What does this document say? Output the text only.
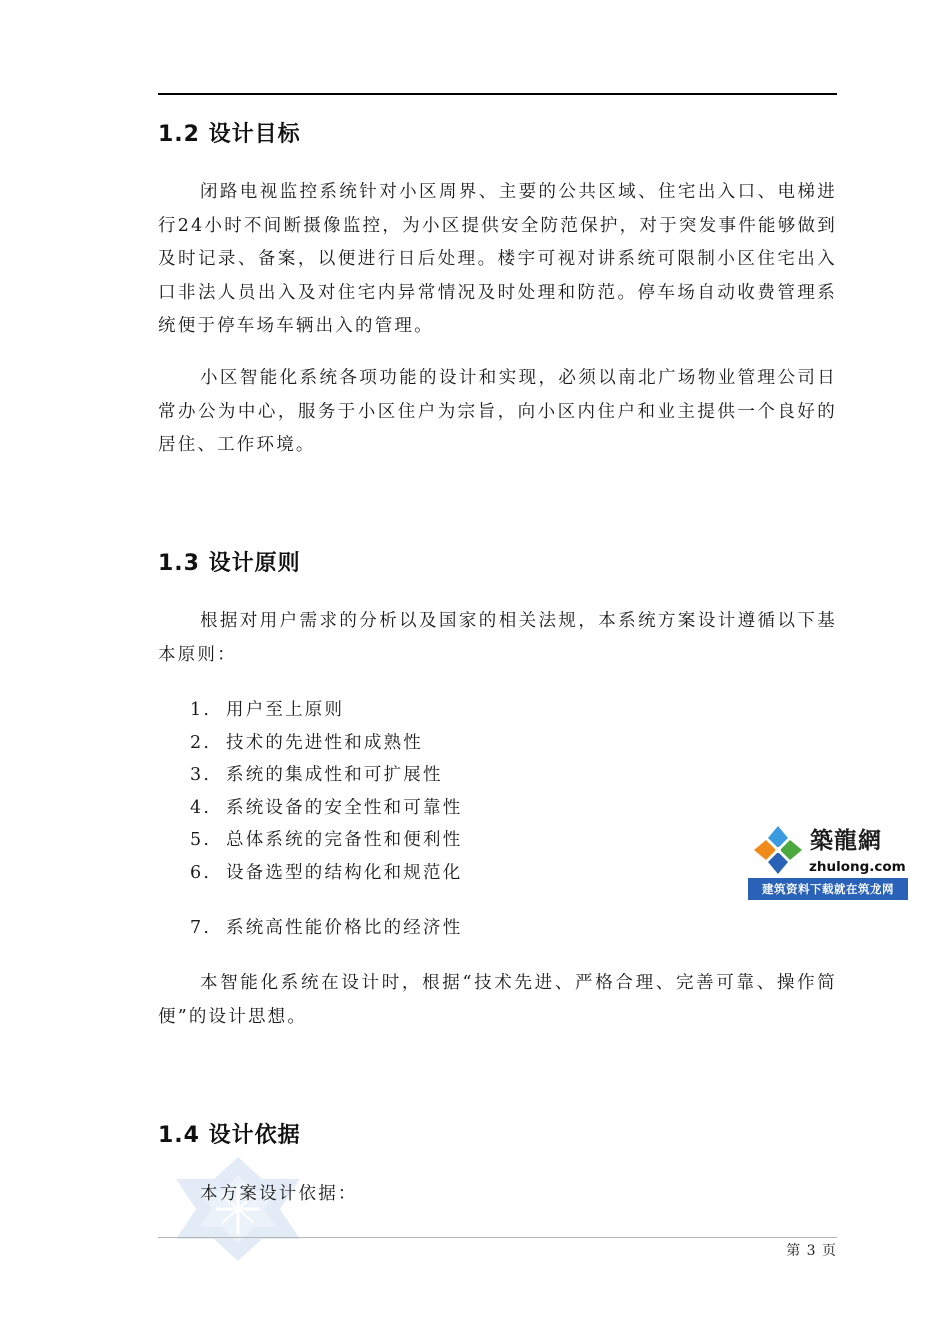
1.2 设计目标

闭路电视监控系统针对小区周界、主要的公共区域、住宅出入口、电梯进行24小时不间断摄像监控，为小区提供安全防范保护，对于突发事件能够做到及时记录、备案，以便进行日后处理。楼宇可视对讲系统可限制小区住宅出入口非法人员出入及对住宅内异常情况及时处理和防范。停车场自动收费管理系统便于停车场车辆出入的管理。

小区智能化系统各项功能的设计和实现，必须以南北广场物业管理公司日常办公为中心，服务于小区住户为宗旨，向小区内住户和业主提供一个良好的居住、工作环境。

1.3 设计原则

根据对用户需求的分析以及国家的相关法规，本系统方案设计遵循以下基本原则：

1. 用户至上原则
2. 技术的先进性和成熟性
3. 系统的集成性和可扩展性
4. 系统设备的安全性和可靠性
5. 总体系统的完备性和便利性
6. 设备选型的结构化和规范化
7. 系统高性能价格比的经济性

本智能化系统在设计时，根据“技术先进、严格合理、完善可靠、操作简便”的设计思想。

1.4 设计依据

本方案设计依据：

築龍網
zhulong.com
建筑资料下载就在筑龙网
第 3 页
